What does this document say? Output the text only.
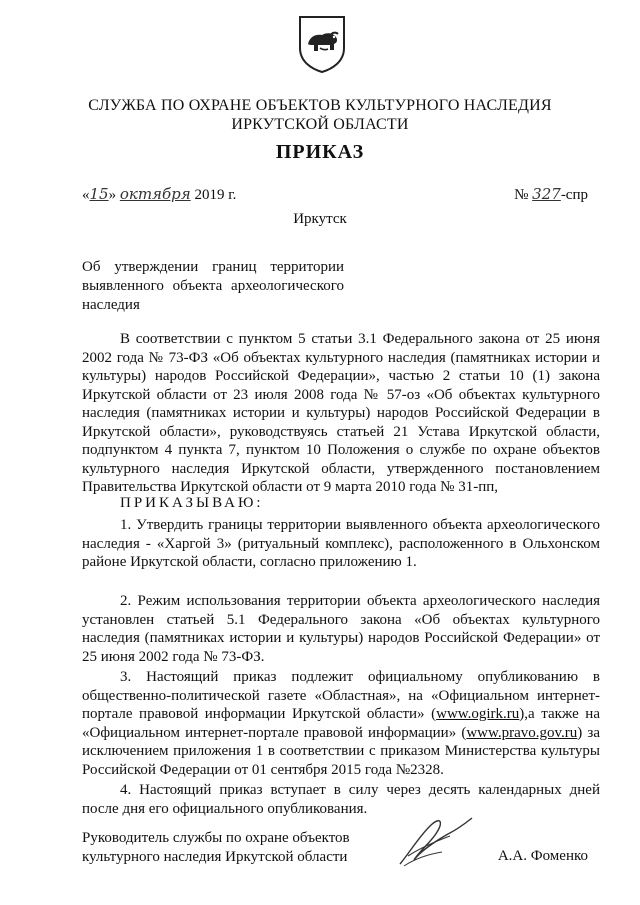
СЛУЖБА ПО ОХРАНЕ ОБЪЕКТОВ КУЛЬТУРНОГО НАСЛЕДИЯ
ИРКУТСКОЙ ОБЛАСТИ
ПРИКАЗ
«15» октября 2019 г.	№ 327-спр
Иркутск
Об утверждении границ территории выявленного объекта археологического наследия
В соответствии с пунктом 5 статьи 3.1 Федерального закона от 25 июня 2002 года № 73-ФЗ «Об объектах культурного наследия (памятниках истории и культуры) народов Российской Федерации», частью 2 статьи 10 (1) закона Иркутской области от 23 июля 2008 года № 57-оз «Об объектах культурного наследия (памятниках истории и культуры) народов Российской Федерации в Иркутской области», руководствуясь статьей 21 Устава Иркутской области, подпунктом 4 пункта 7, пунктом 10 Положения о службе по охране объектов культурного наследия Иркутской области, утвержденного постановлением Правительства Иркутской области от 9 марта 2010 года № 31-пп,
ПРИКАЗЫВАЮ:
1. Утвердить границы территории выявленного объекта археологического наследия - «Харгой 3» (ритуальный комплекс), расположенного в Ольхонском районе Иркутской области, согласно приложению 1.
2. Режим использования территории объекта археологического наследия установлен статьей 5.1 Федерального закона «Об объектах культурного наследия (памятниках истории и культуры) народов Российской Федерации» от 25 июня 2002 года № 73-ФЗ.
3. Настоящий приказ подлежит официальному опубликованию в общественно-политической газете «Областная», на «Официальном интернет-портале правовой информации Иркутской области» (www.ogirk.ru),а также на «Официальном интернет-портале правовой информации» (www.pravo.gov.ru) за исключением приложения 1 в соответствии с приказом Министерства культуры Российской Федерации от 01 сентября 2015 года №2328.
4. Настоящий приказ вступает в силу через десять календарных дней после дня его официального опубликования.
Руководитель службы по охране объектов
культурного наследия Иркутской области	А.А. Фоменко
